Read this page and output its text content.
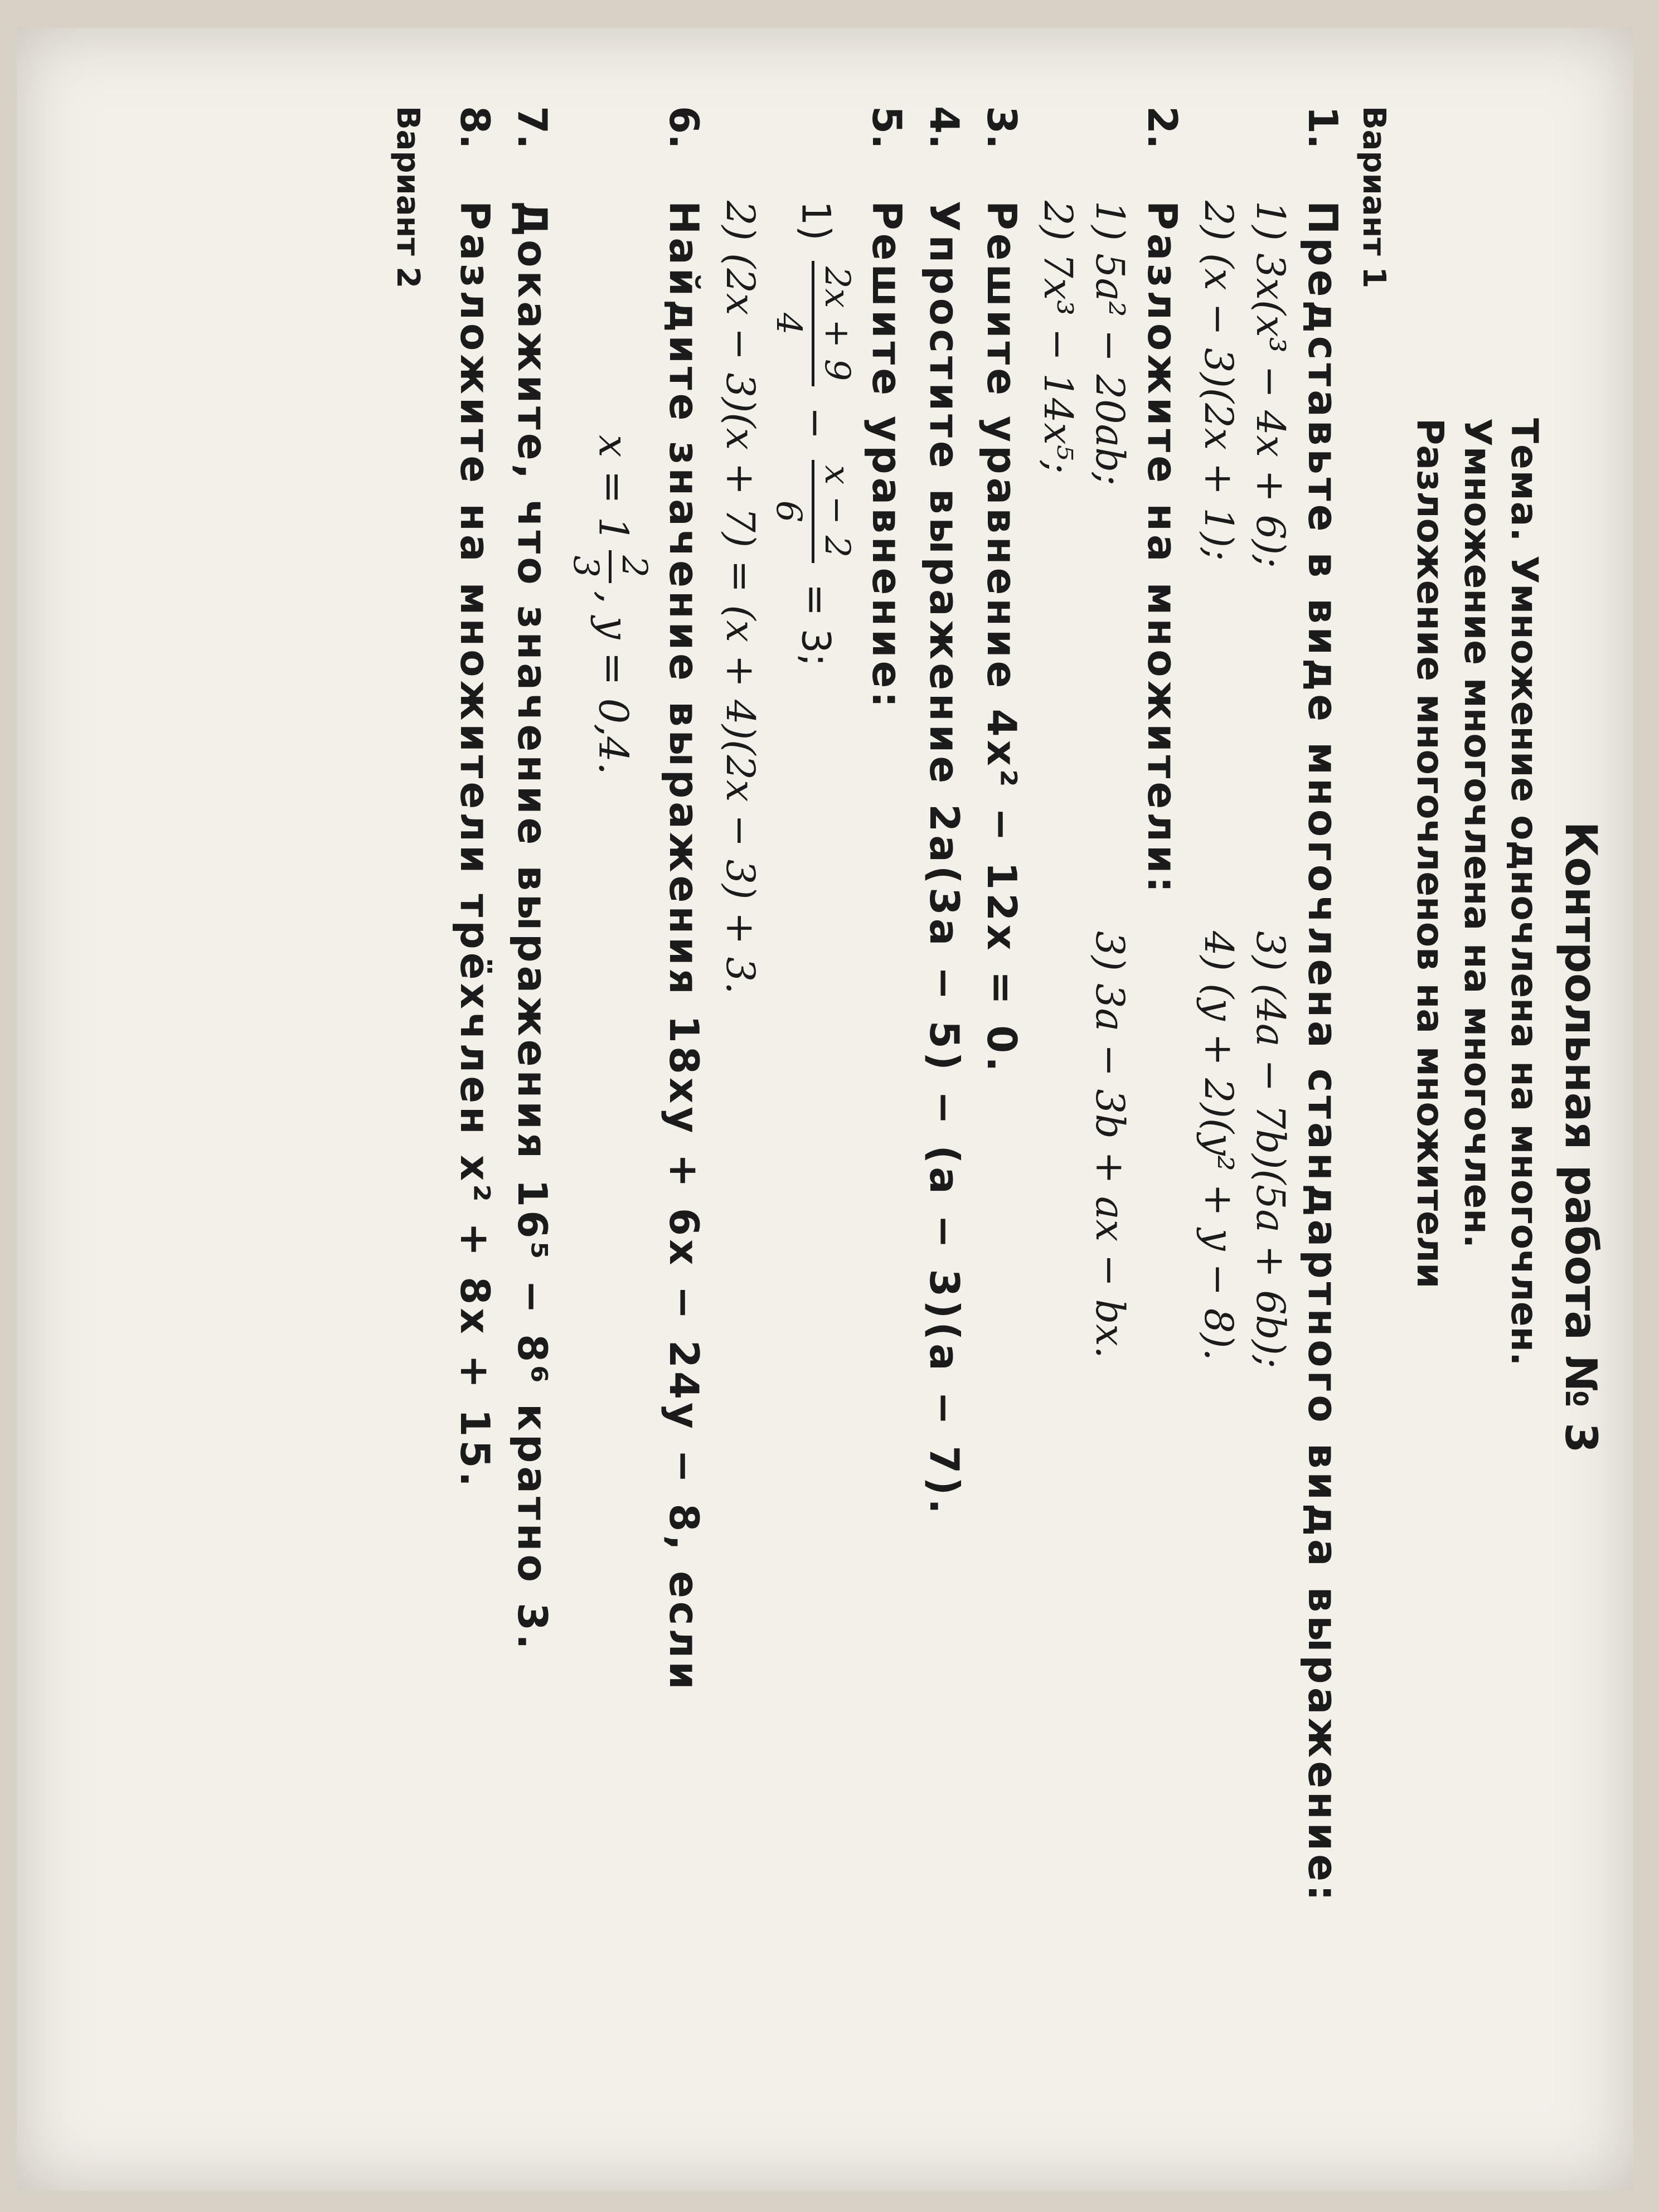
Контрольная работа № 3
Тема. Умножение одночлена на многочлен.
Умножение многочлена на многочлен.
Разложение многочленов на множители
Вариант 1
1.
Представьте в виде многочлена стандартного вида выражение:
1) 3x(x³ − 4x + 6);
3) (4a − 7b)(5a + 6b);
2) (x − 3)(2x + 1);
4) (y + 2)(y² + y − 8).
2.
Разложите на множители:
1) 5a² − 20ab;
3) 3a − 3b + ax − bx.
2) 7x³ − 14x⁵;
3.
Решите уравнение 4x² − 12x = 0.
4.
Упростите выражение 2a(3a − 5) − (a − 3)(a − 7).
5.
Решите уравнение:
1)
2x + 9
4
−
x − 2
6
= 3;
2) (2x − 3)(x + 7) = (x + 4)(2x − 3) + 3.
6.
Найдите значение выражения 18xy + 6x − 24y − 8, если
x = 1
2
3
, y = 0,4.
7.
Докажите, что значение выражения 16⁵ − 8⁶ кратно 3.
8.
Разложите на множители трёхчлен x² + 8x + 15.
Вариант 2
